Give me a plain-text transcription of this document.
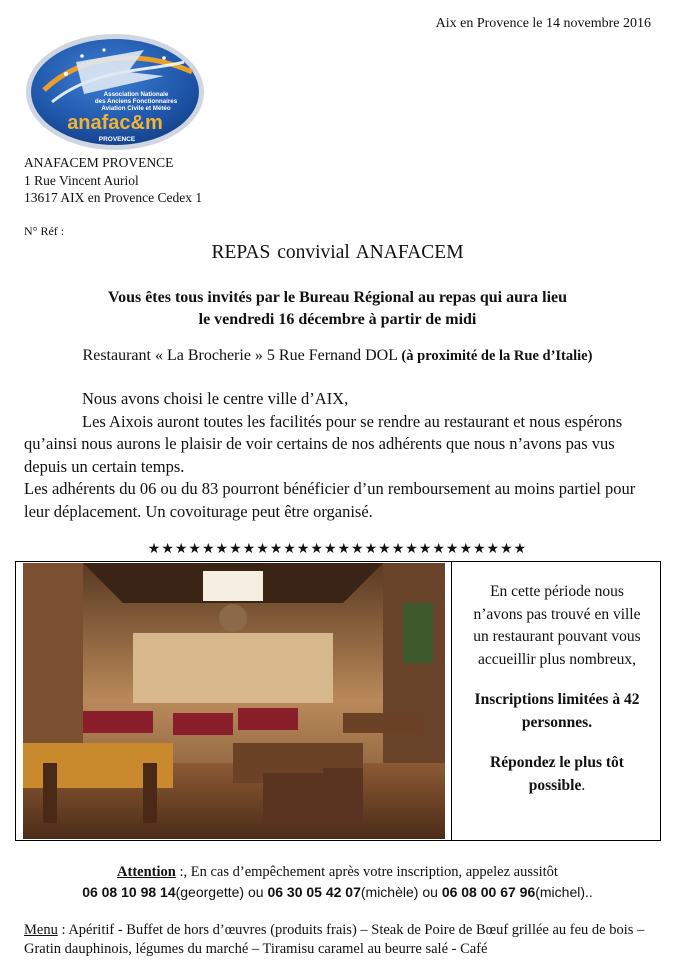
Aix en Provence le 14 novembre 2016
Association Nationale
des Anciens Fonctionnaires
Aviation Civile et Météo
anafac&m
PROVENCE
ANAFACEM PROVENCE
1 Rue Vincent Auriol
13617 AIX en Provence Cedex 1
N° Réf :
REPAS convivial ANAFACEM
Vous êtes tous invités par le Bureau Régional au repas qui aura lieu
le vendredi 16 décembre à partir de midi
Restaurant « La Brocherie » 5 Rue Fernand DOL (à proximité de la Rue d’Italie)

Nous avons choisi le centre ville d’AIX,

Les Aixois auront toutes les facilités pour se rendre au restaurant et nous espérons qu’ainsi nous aurons le plaisir de voir certains de nos adhérents que nous n’avons pas vus depuis un certain temps.

Les adhérents du 06 ou du 83 pourront bénéficier d’un remboursement au moins partiel pour leur déplacement. Un covoiturage peut être organisé.

★★★★★★★★★★★★★★★★★★★★★★★★★★★★

En cette période nous n’avons pas trouvé en ville un restaurant pouvant vous accueillir plus nombreux,

Inscriptions limitées à 42 personnes.

Répondez le plus tôt possible.

Attention :, En cas d’empêchement après votre inscription, appelez aussitôt
06 08 10 98 14(georgette) ou 06 30 05 42 07(michèle) ou 06 08 00 67 96(michel)..
Menu : Apéritif - Buffet de hors d’œuvres (produits frais) – Steak de Poire de Bœuf grillée au feu de bois – Gratin dauphinois, légumes du marché – Tiramisu caramel au beurre salé - Café
